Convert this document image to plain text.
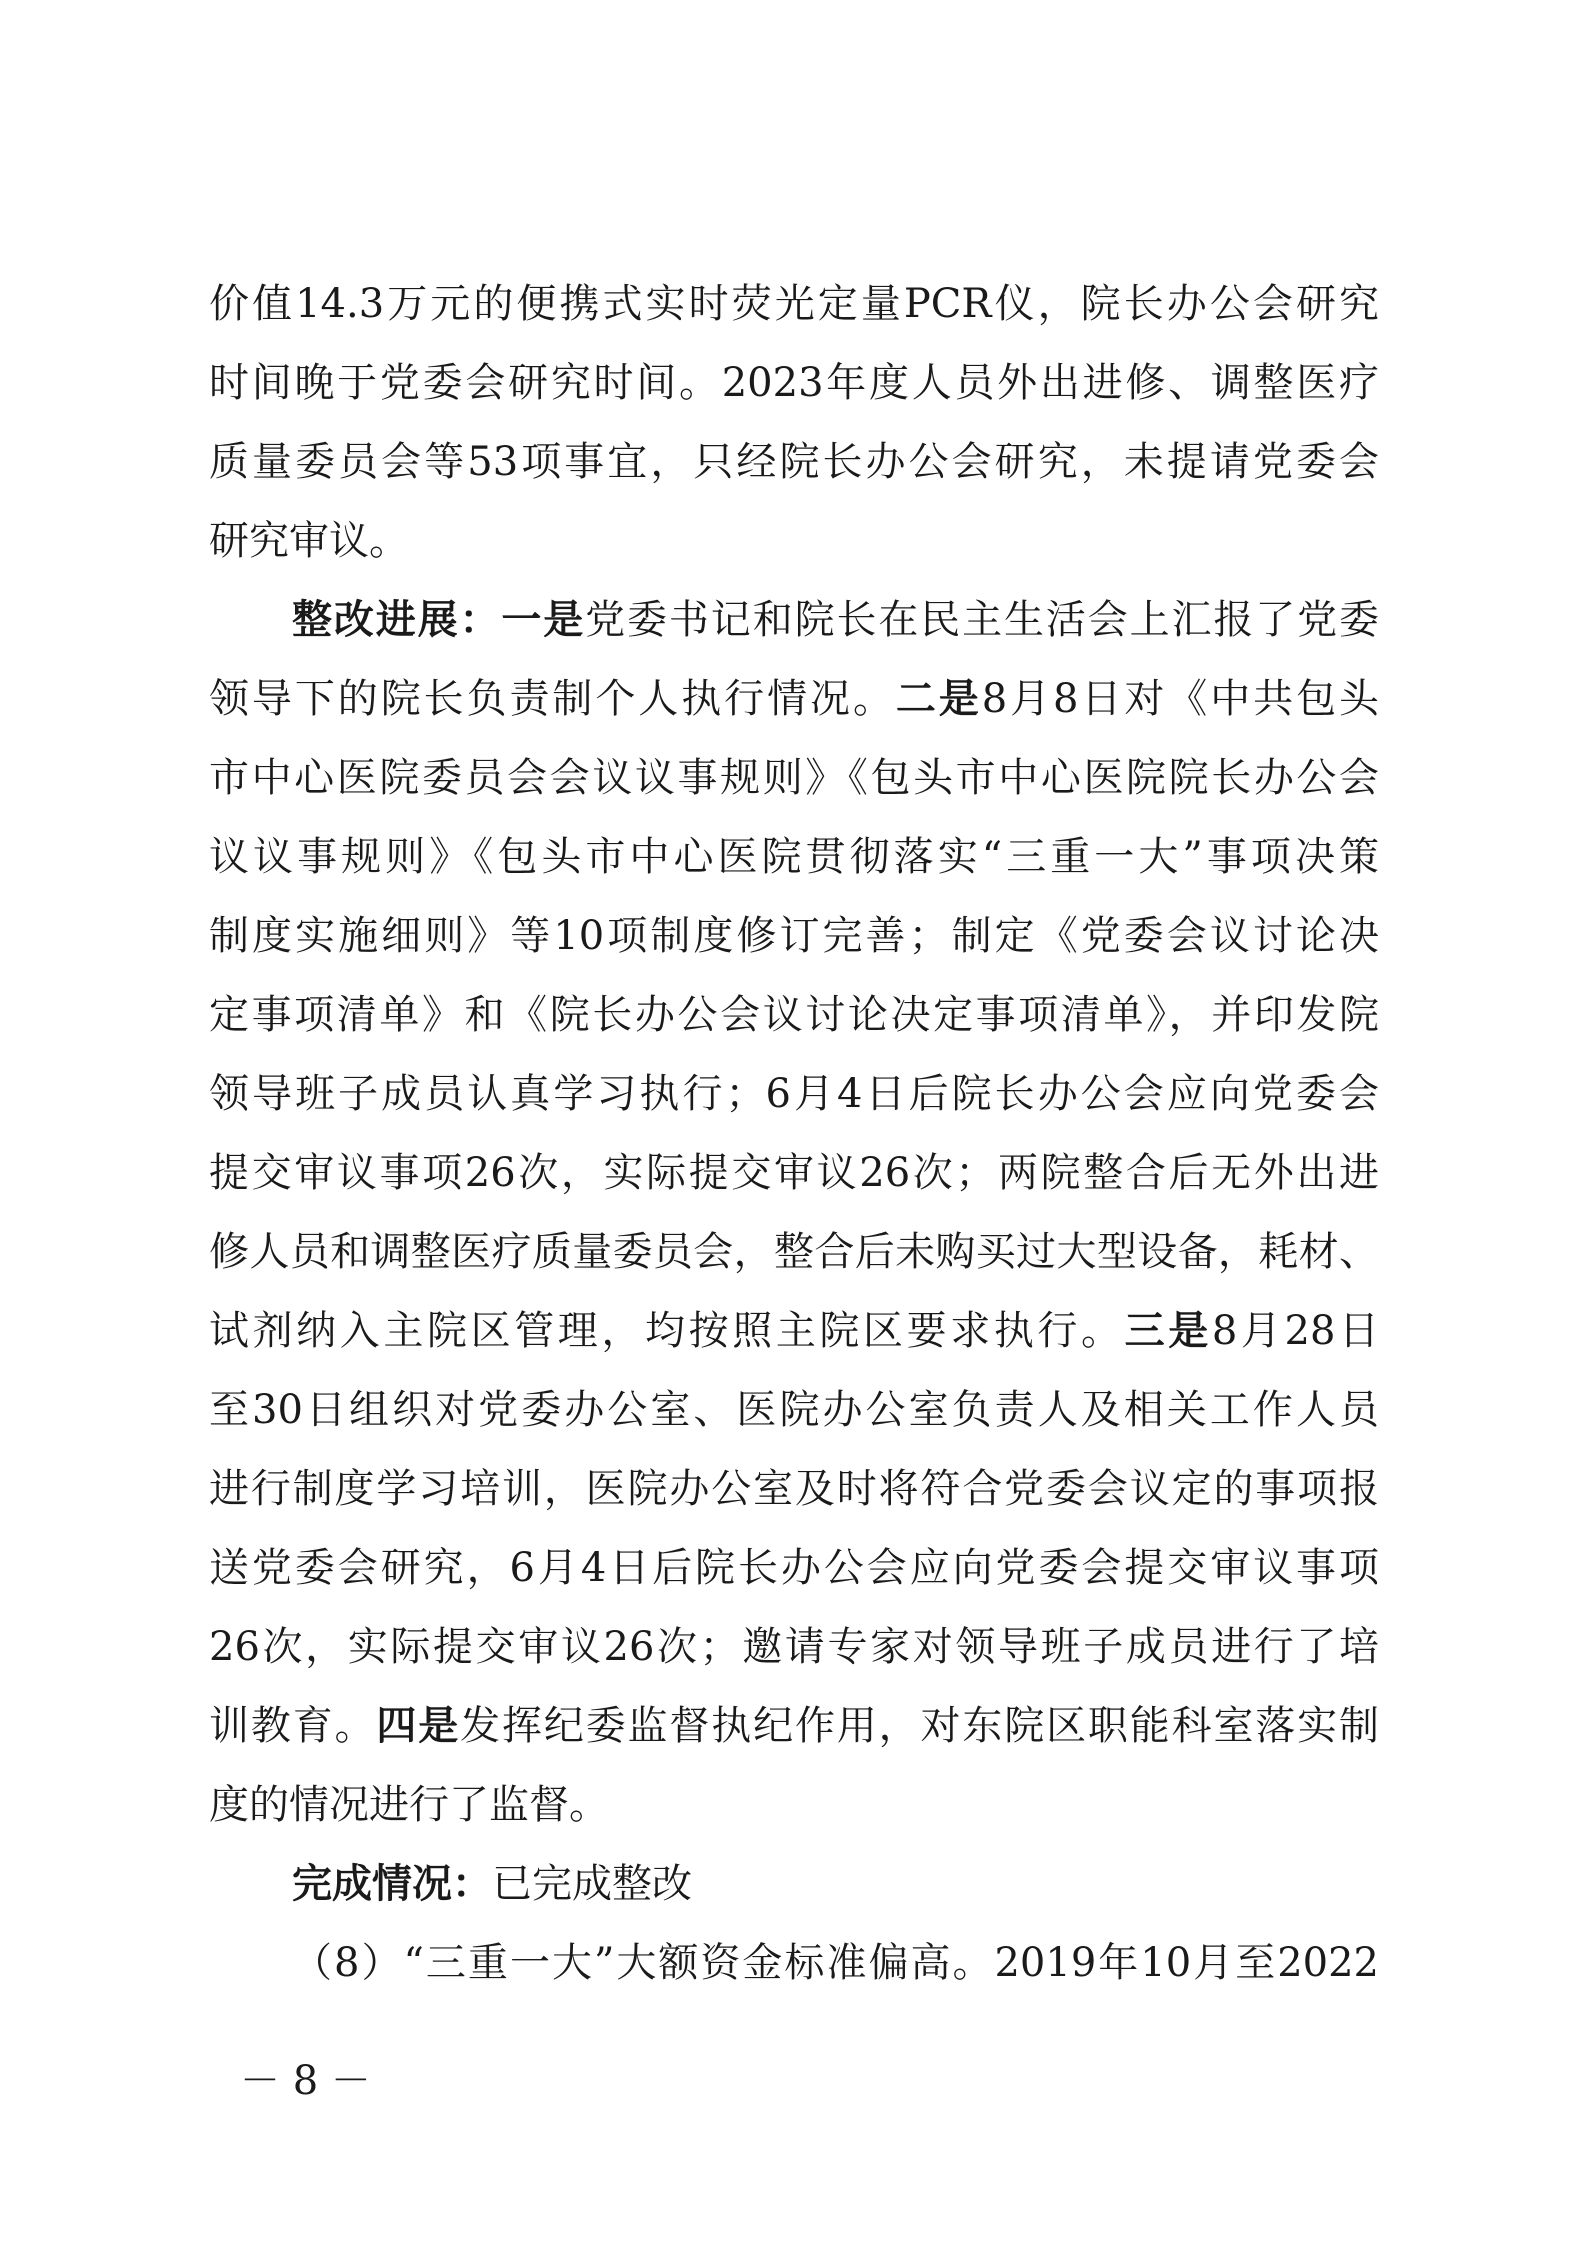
价值14.3万元的便携式实时荧光定量PCR仪，院长办公会研究
时间晚于党委会研究时间。2023年度人员外出进修、调整医疗
质量委员会等53项事宜，只经院长办公会研究，未提请党委会
研究审议。
整改进展：一是党委书记和院长在民主生活会上汇报了党委
领导下的院长负责制个人执行情况。二是8月8日对《中共包头
市中心医院委员会会议议事规则》《包头市中心医院院长办公会
议议事规则》《包头市中心医院贯彻落实“三重一大”事项决策
制度实施细则》等10项制度修订完善；制定《党委会议讨论决
定事项清单》和《院长办公会议讨论决定事项清单》，并印发院
领导班子成员认真学习执行；6月4日后院长办公会应向党委会
提交审议事项26次，实际提交审议26次；两院整合后无外出进
修人员和调整医疗质量委员会，整合后未购买过大型设备，耗材、
试剂纳入主院区管理，均按照主院区要求执行。三是8月28日
至30日组织对党委办公室、医院办公室负责人及相关工作人员
进行制度学习培训，医院办公室及时将符合党委会议定的事项报
送党委会研究，6月4日后院长办公会应向党委会提交审议事项
26次，实际提交审议26次；邀请专家对领导班子成员进行了培
训教育。四是发挥纪委监督执纪作用，对东院区职能科室落实制
度的情况进行了监督。
完成情况：已完成整改
（8）“三重一大”大额资金标准偏高。2019年10月至2022
－ 8 －
